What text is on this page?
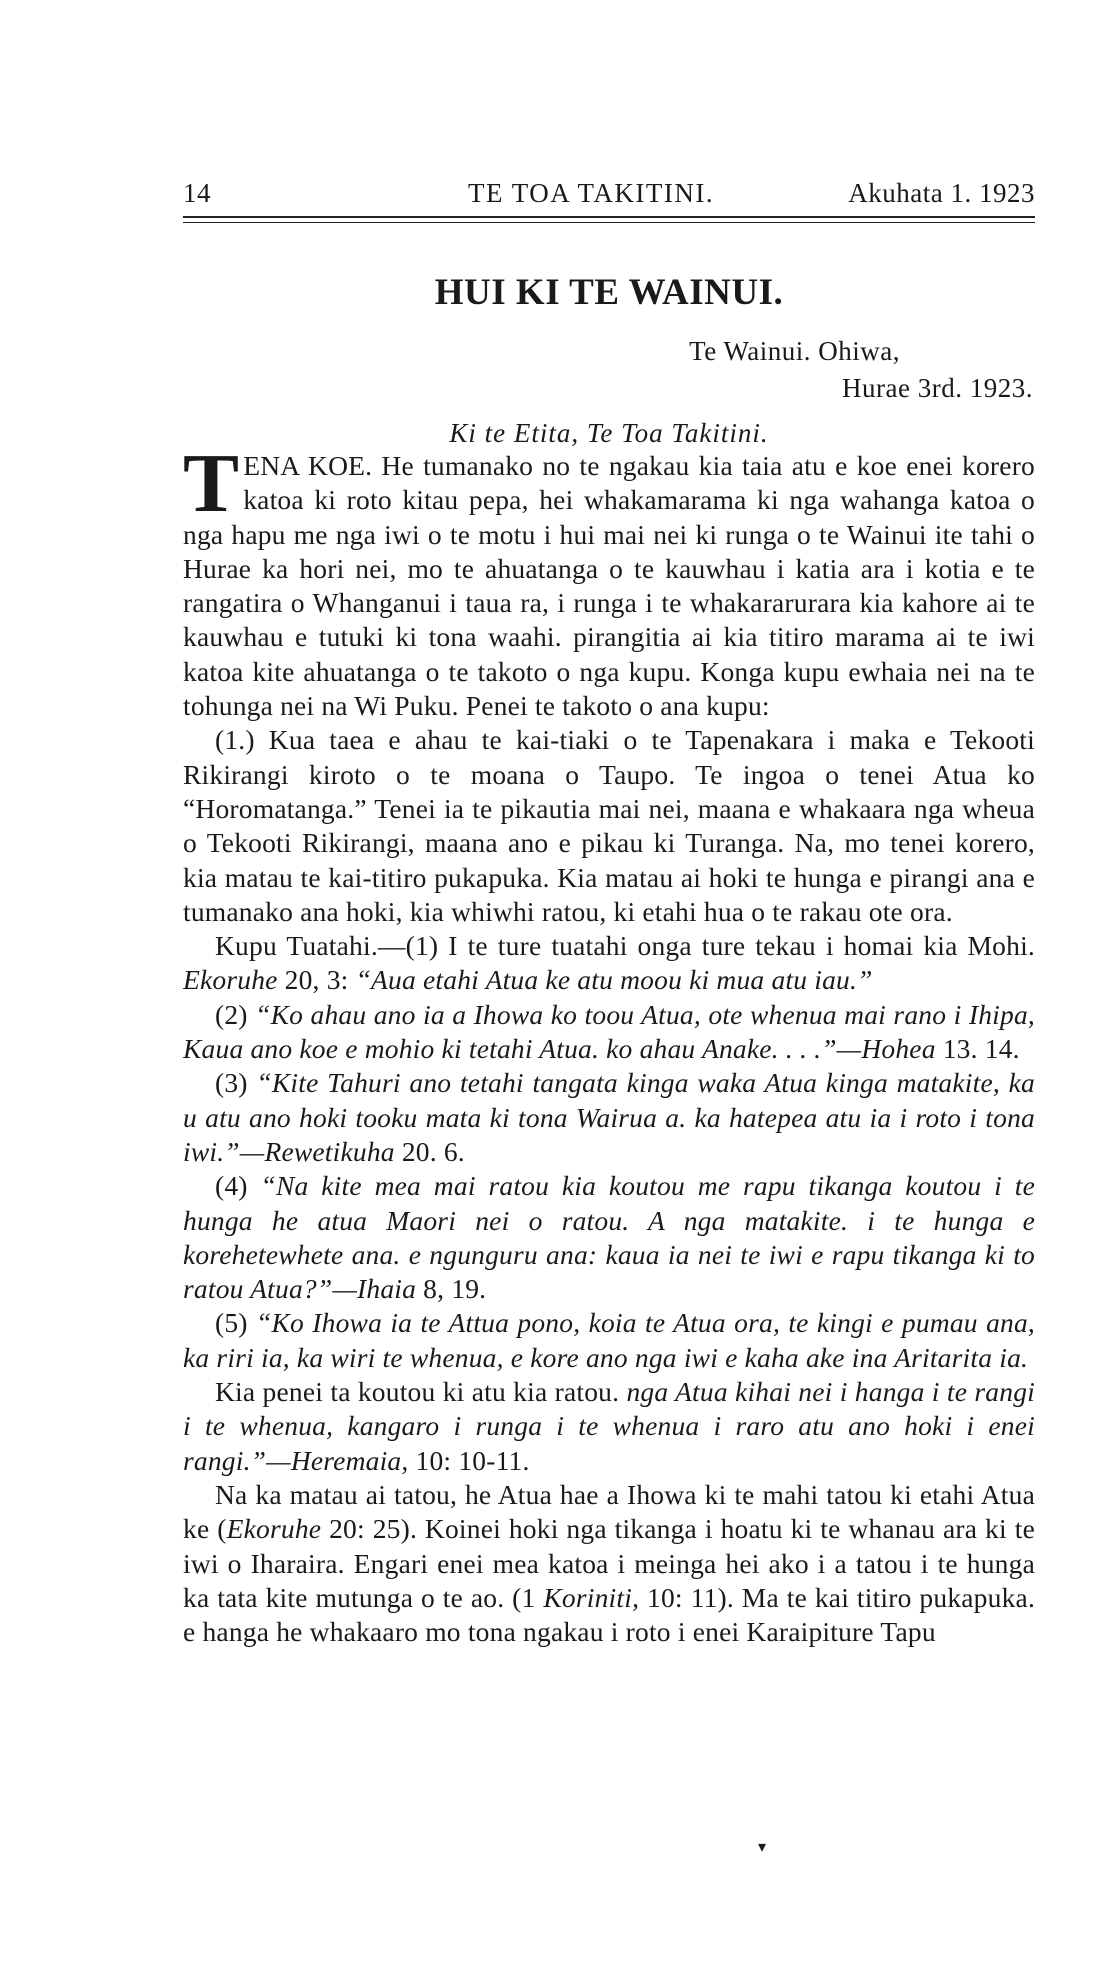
14	TE TOA TAKITINI.	Akuhata 1. 1923
HUI KI TE WAINUI.
Te Wainui. Ohiwa,
Hurae 3rd. 1923.
Ki te Etita, Te Toa Takitini.

TENA KOE. He tumanako no te ngakau kia taia atu e koe enei korero katoa ki roto kitau pepa, hei whakamarama ki nga wahanga katoa o nga hapu me nga iwi o te motu i hui mai nei ki runga o te Wainui ite tahi o Hurae ka hori nei, mo te ahuatanga o te kauwhau i katia ara i kotia e te rangatira o Whanganui i taua ra, i runga i te whakararurara kia kahore ai te kauwhau e tutuki ki tona waahi. pirangitia ai kia titiro marama ai te iwi katoa kite ahuatanga o te takoto o nga kupu. Konga kupu ewhaia nei na te tohunga nei na Wi Puku. Penei te takoto o ana kupu:

(1.) Kua taea e ahau te kai-tiaki o te Tapenakara i maka e Tekooti Rikirangi kiroto o te moana o Taupo. Te ingoa o tenei Atua ko “Horomatanga.” Tenei ia te pikautia mai nei, maana e whakaara nga wheua o Tekooti Rikirangi, maana ano e pikau ki Turanga. Na, mo tenei korero, kia matau te kai-titiro pukapuka. Kia matau ai hoki te hunga e pirangi ana e tumanako ana hoki, kia whiwhi ratou, ki etahi hua o te rakau ote ora.

Kupu Tuatahi.—(1) I te ture tuatahi onga ture tekau i homai kia Mohi. Ekoruhe 20, 3: “Aua etahi Atua ke atu moou ki mua atu iau.”

(2) “Ko ahau ano ia a Ihowa ko toou Atua, ote whenua mai rano i Ihipa, Kaua ano koe e mohio ki tetahi Atua. ko ahau Anake. . . .”—Hohea 13. 14.

(3) “Kite Tahuri ano tetahi tangata kinga waka Atua kinga matakite, ka u atu ano hoki tooku mata ki tona Wairua a. ka hatepea atu ia i roto i tona iwi.”—Rewetikuha 20. 6.

(4) “Na kite mea mai ratou kia koutou me rapu tikanga koutou i te hunga he atua Maori nei o ratou. A nga matakite. i te hunga e korehetewhete ana. e ngunguru ana: kaua ia nei te iwi e rapu tikanga ki to ratou Atua?”—Ihaia 8, 19.

(5) “Ko Ihowa ia te Attua pono, koia te Atua ora, te kingi e pumau ana, ka riri ia, ka wiri te whenua, e kore ano nga iwi e kaha ake ina Aritarita ia.

Kia penei ta koutou ki atu kia ratou. nga Atua kihai nei i hanga i te rangi i te whenua, kangaro i runga i te whenua i raro atu ano hoki i enei rangi.”—Heremaia, 10: 10-11.

Na ka matau ai tatou, he Atua hae a Ihowa ki te mahi tatou ki etahi Atua ke (Ekoruhe 20: 25). Koinei hoki nga tikanga i hoatu ki te whanau ara ki te iwi o Iharaira. Engari enei mea katoa i meinga hei ako i a tatou i te hunga ka tata kite mutunga o te ao. (1 Koriniti, 10: 11). Ma te kai titiro pukapuka. e hanga he whakaaro mo tona ngakau i roto i enei Karaipiture Tapu

▾
